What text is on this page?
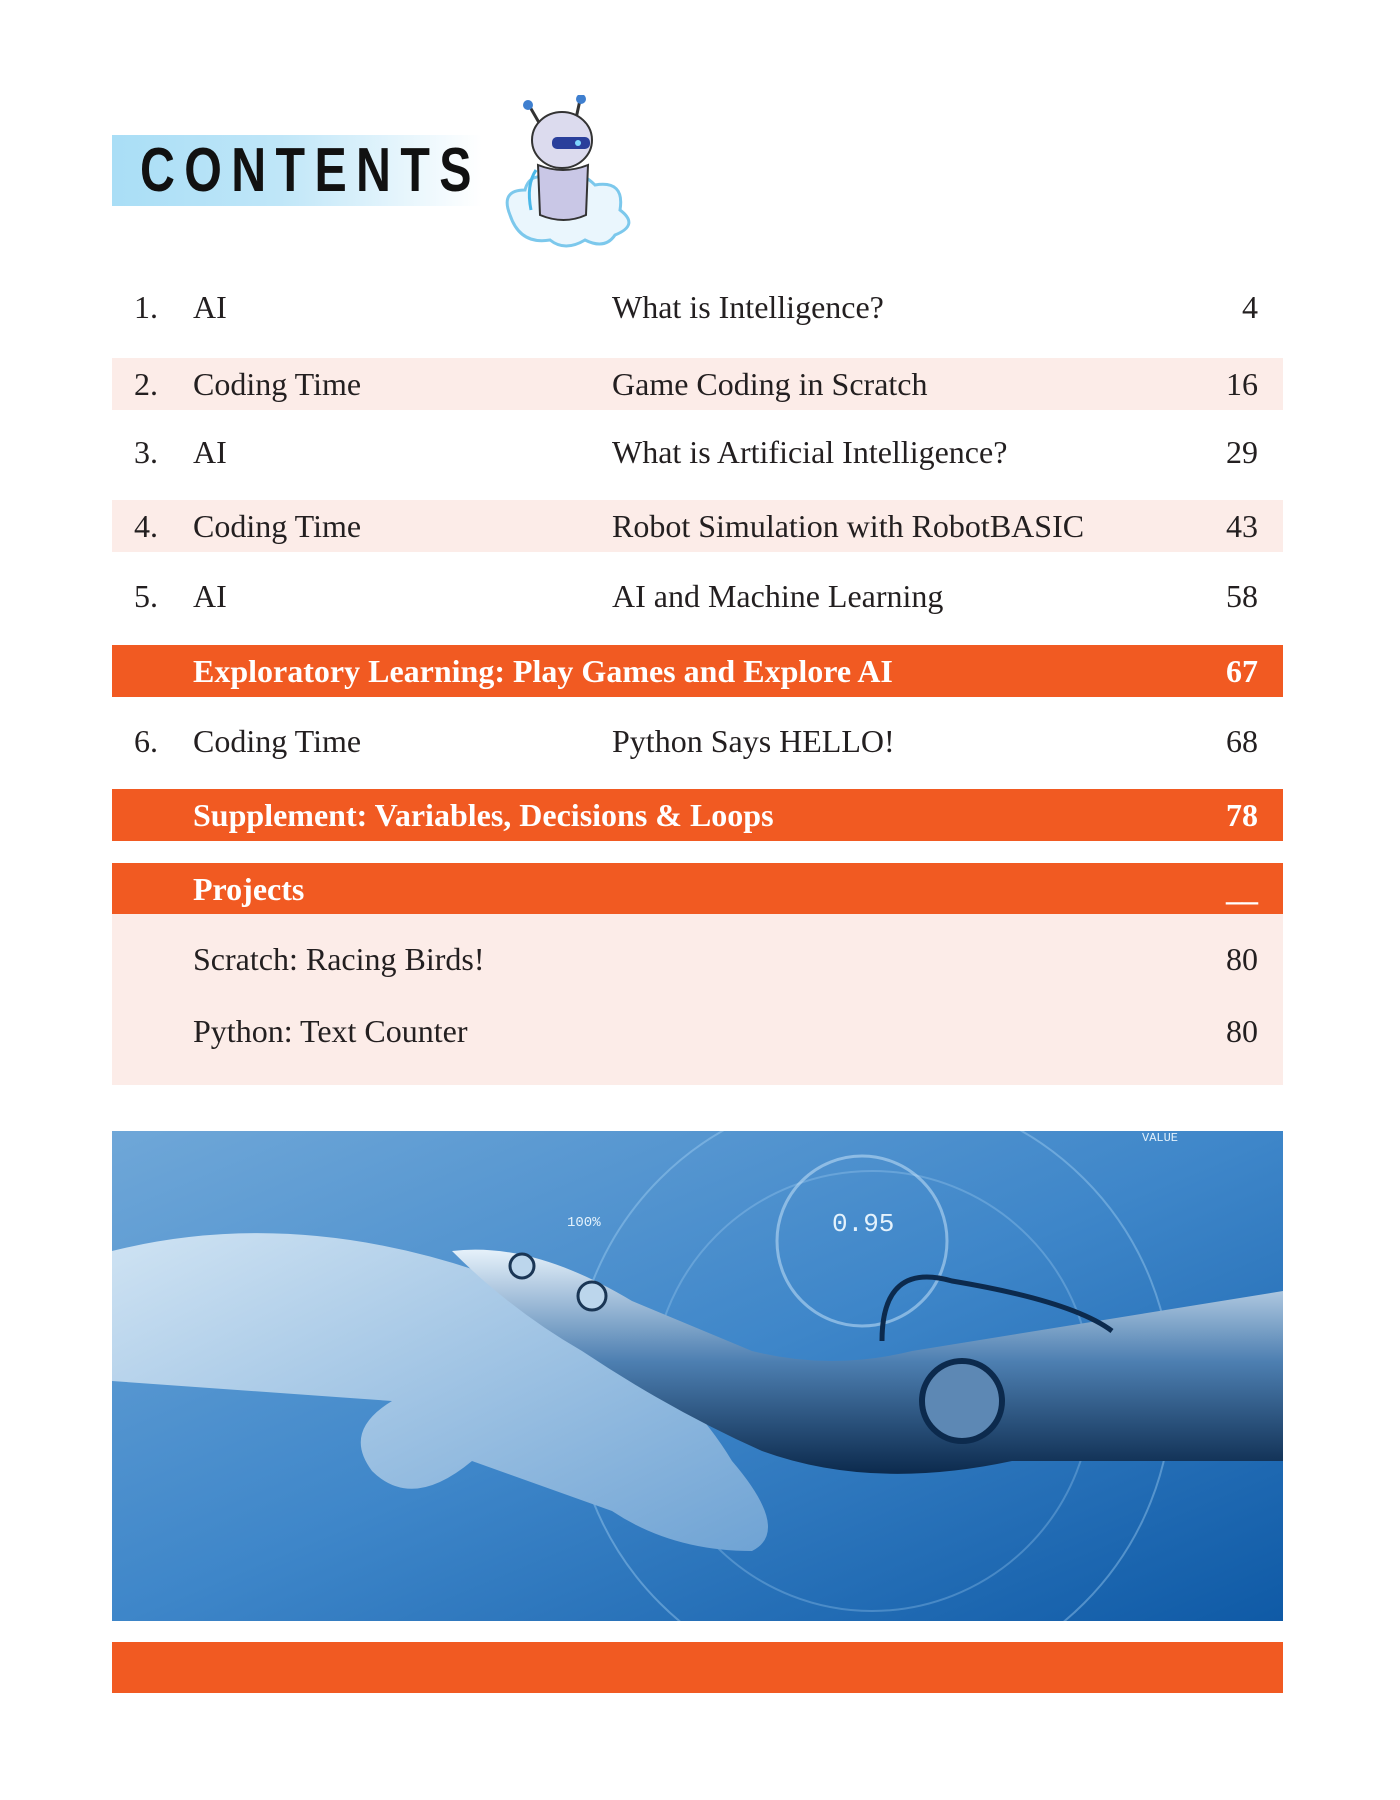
CONTENTS
1. AI	What is Intelligence?	4
2. Coding Time	Game Coding in Scratch	16
3. AI	What is Artificial Intelligence?	29
4. Coding Time	Robot Simulation with RobotBASIC	43
5. AI	AI and Machine Learning	58
Exploratory Learning: Play Games and Explore AI	67
6. Coding Time	Python Says HELLO!	68
Supplement: Variables, Decisions & Loops	78
Projects	__
Scratch: Racing Birds!	80
Python: Text Counter	80
0.95
100%
VALUE
